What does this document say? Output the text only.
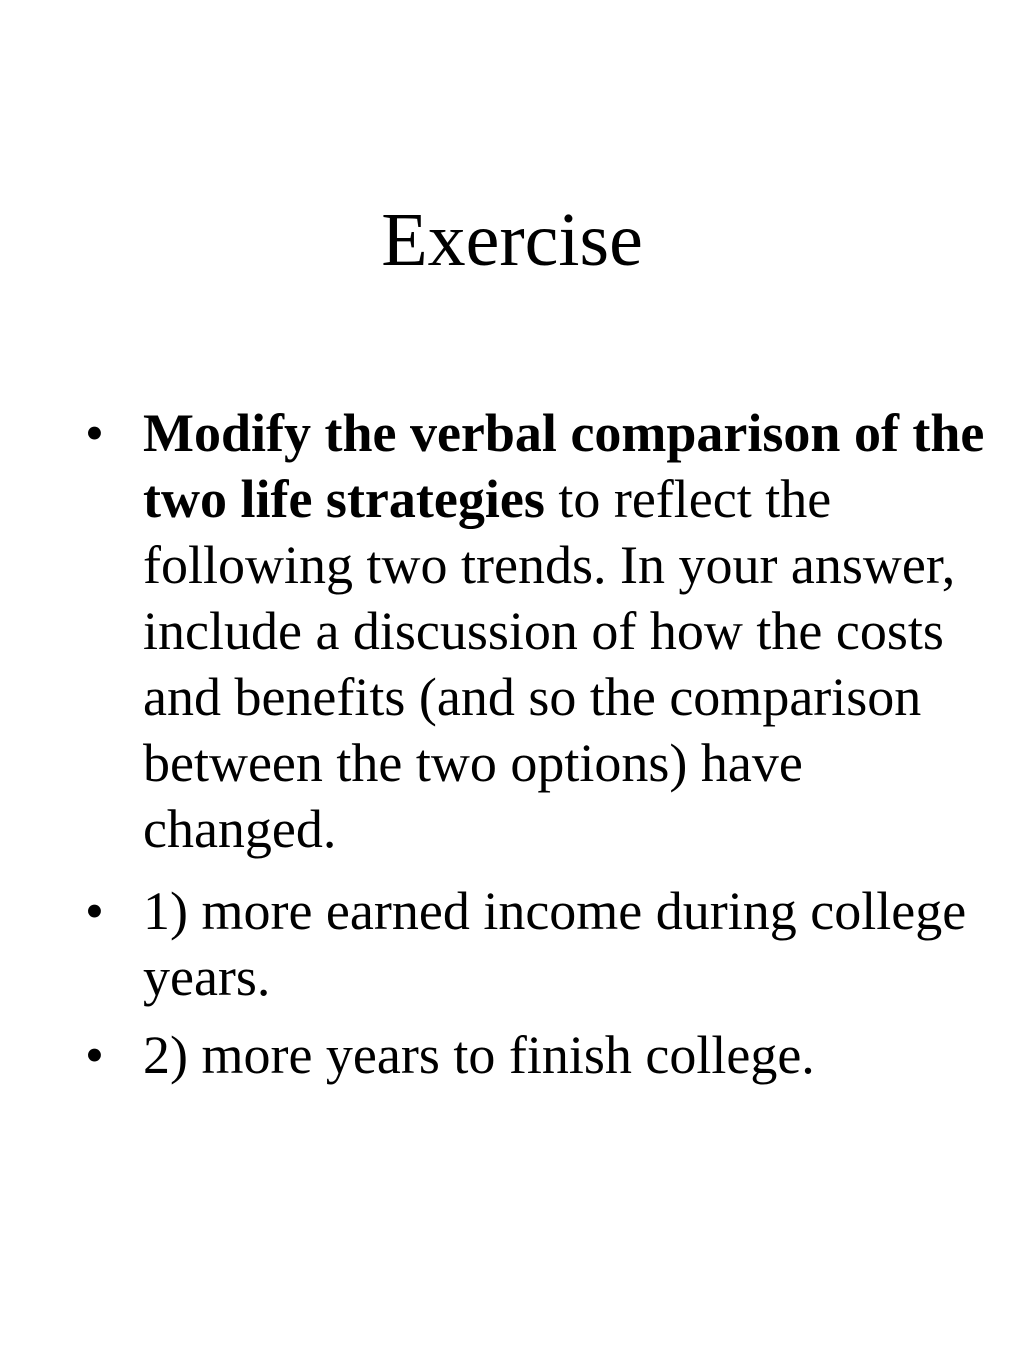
Exercise
• Modify the verbal comparison of the two life strategies to reflect the following two trends. In your answer, include a discussion of how the costs and benefits (and so the comparison between the two options) have changed.
• 1) more earned income during college years.
• 2) more years to finish college.
